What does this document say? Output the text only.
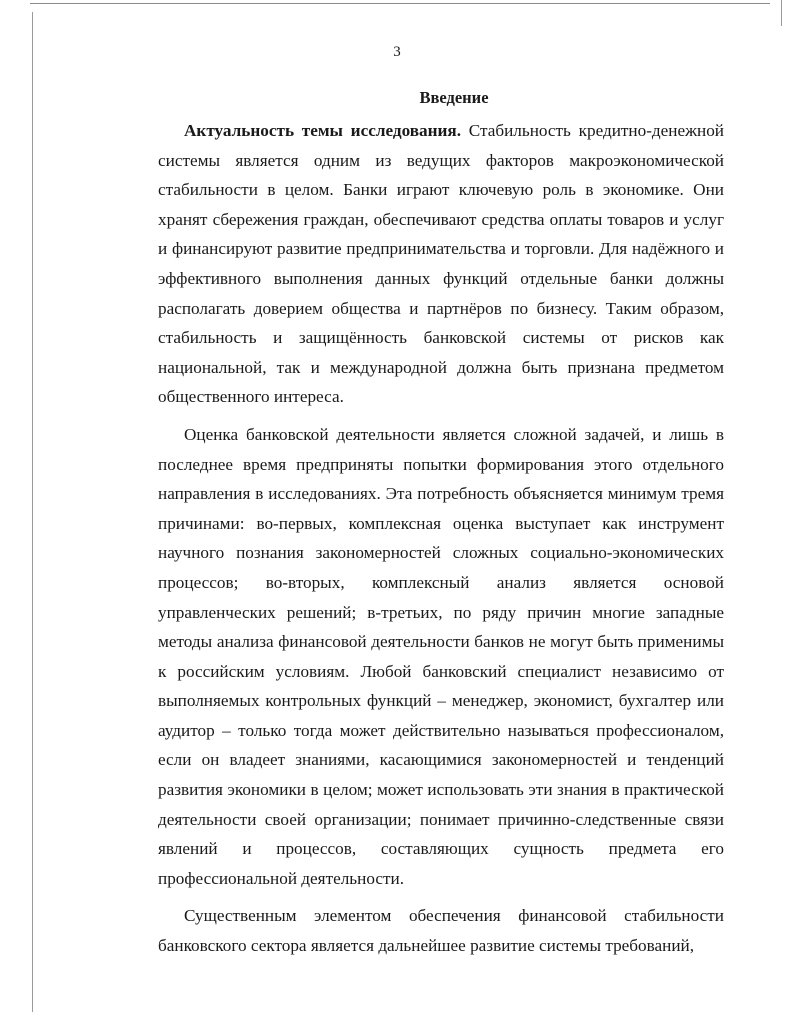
3
Введение

Актуальность темы исследования. Стабильность кредитно-денежной системы является одним из ведущих факторов макроэкономической стабильности в целом. Банки играют ключевую роль в экономике. Они хранят сбережения граждан, обеспечивают средства оплаты товаров и услуг и финансируют развитие предпринимательства и торговли. Для надёжного и эффективного выполнения данных функций отдельные банки должны располагать доверием общества и партнёров по бизнесу. Таким образом, стабильность и защищённость банковской системы от рисков как национальной, так и международной должна быть признана предметом общественного интереса.

Оценка банковской деятельности является сложной задачей, и лишь в последнее время предприняты попытки формирования этого отдельного направления в исследованиях. Эта потребность объясняется минимум тремя причинами: во-первых, комплексная оценка выступает как инструмент научного познания закономерностей сложных социально-экономических процессов; во-вторых, комплексный анализ является основой управленческих решений; в-третьих, по ряду причин многие западные методы анализа финансовой деятельности банков не могут быть применимы к российским условиям. Любой банковский специалист независимо от выполняемых контрольных функций – менеджер, экономист, бухгалтер или аудитор – только тогда может действительно называться профессионалом, если он владеет знаниями, касающимися закономерностей и тенденций развития экономики в целом; может использовать эти знания в практической деятельности своей организации; понимает причинно-следственные связи явлений и процессов, составляющих сущность предмета его профессиональной деятельности.

Существенным элементом обеспечения финансовой стабильности банковского сектора является дальнейшее развитие системы требований,
